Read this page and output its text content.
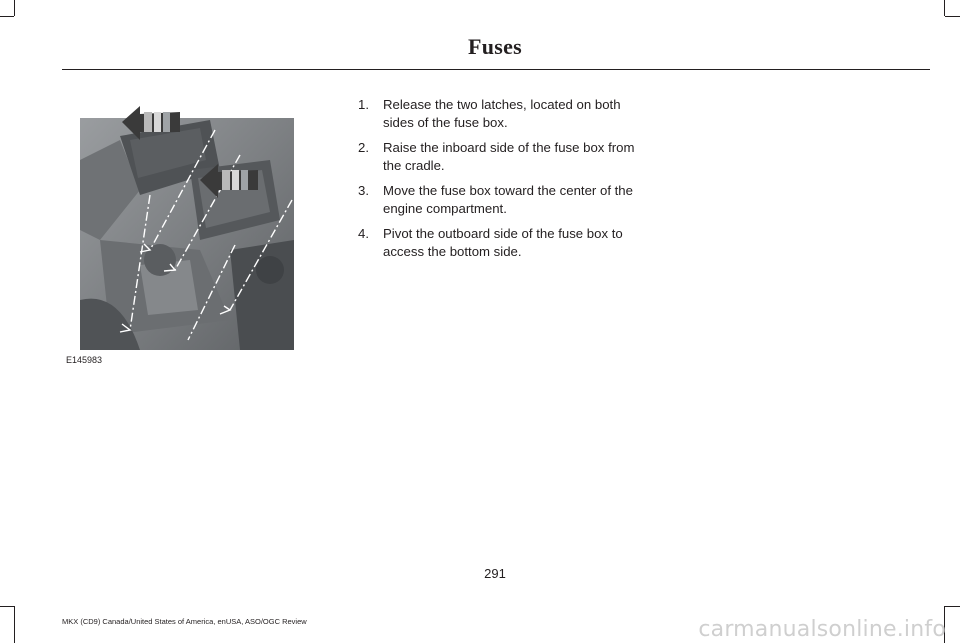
Fuses
E145983
1. Release the two latches, located on both sides of the fuse box.
2. Raise the inboard side of the fuse box from the cradle.
3. Move the fuse box toward the center of the engine compartment.
4. Pivot the outboard side of the fuse box to access the bottom side.
291
MKX (CD9) Canada/United States of America, enUSA, ASO/OGC Review	carmanualsonline.info
